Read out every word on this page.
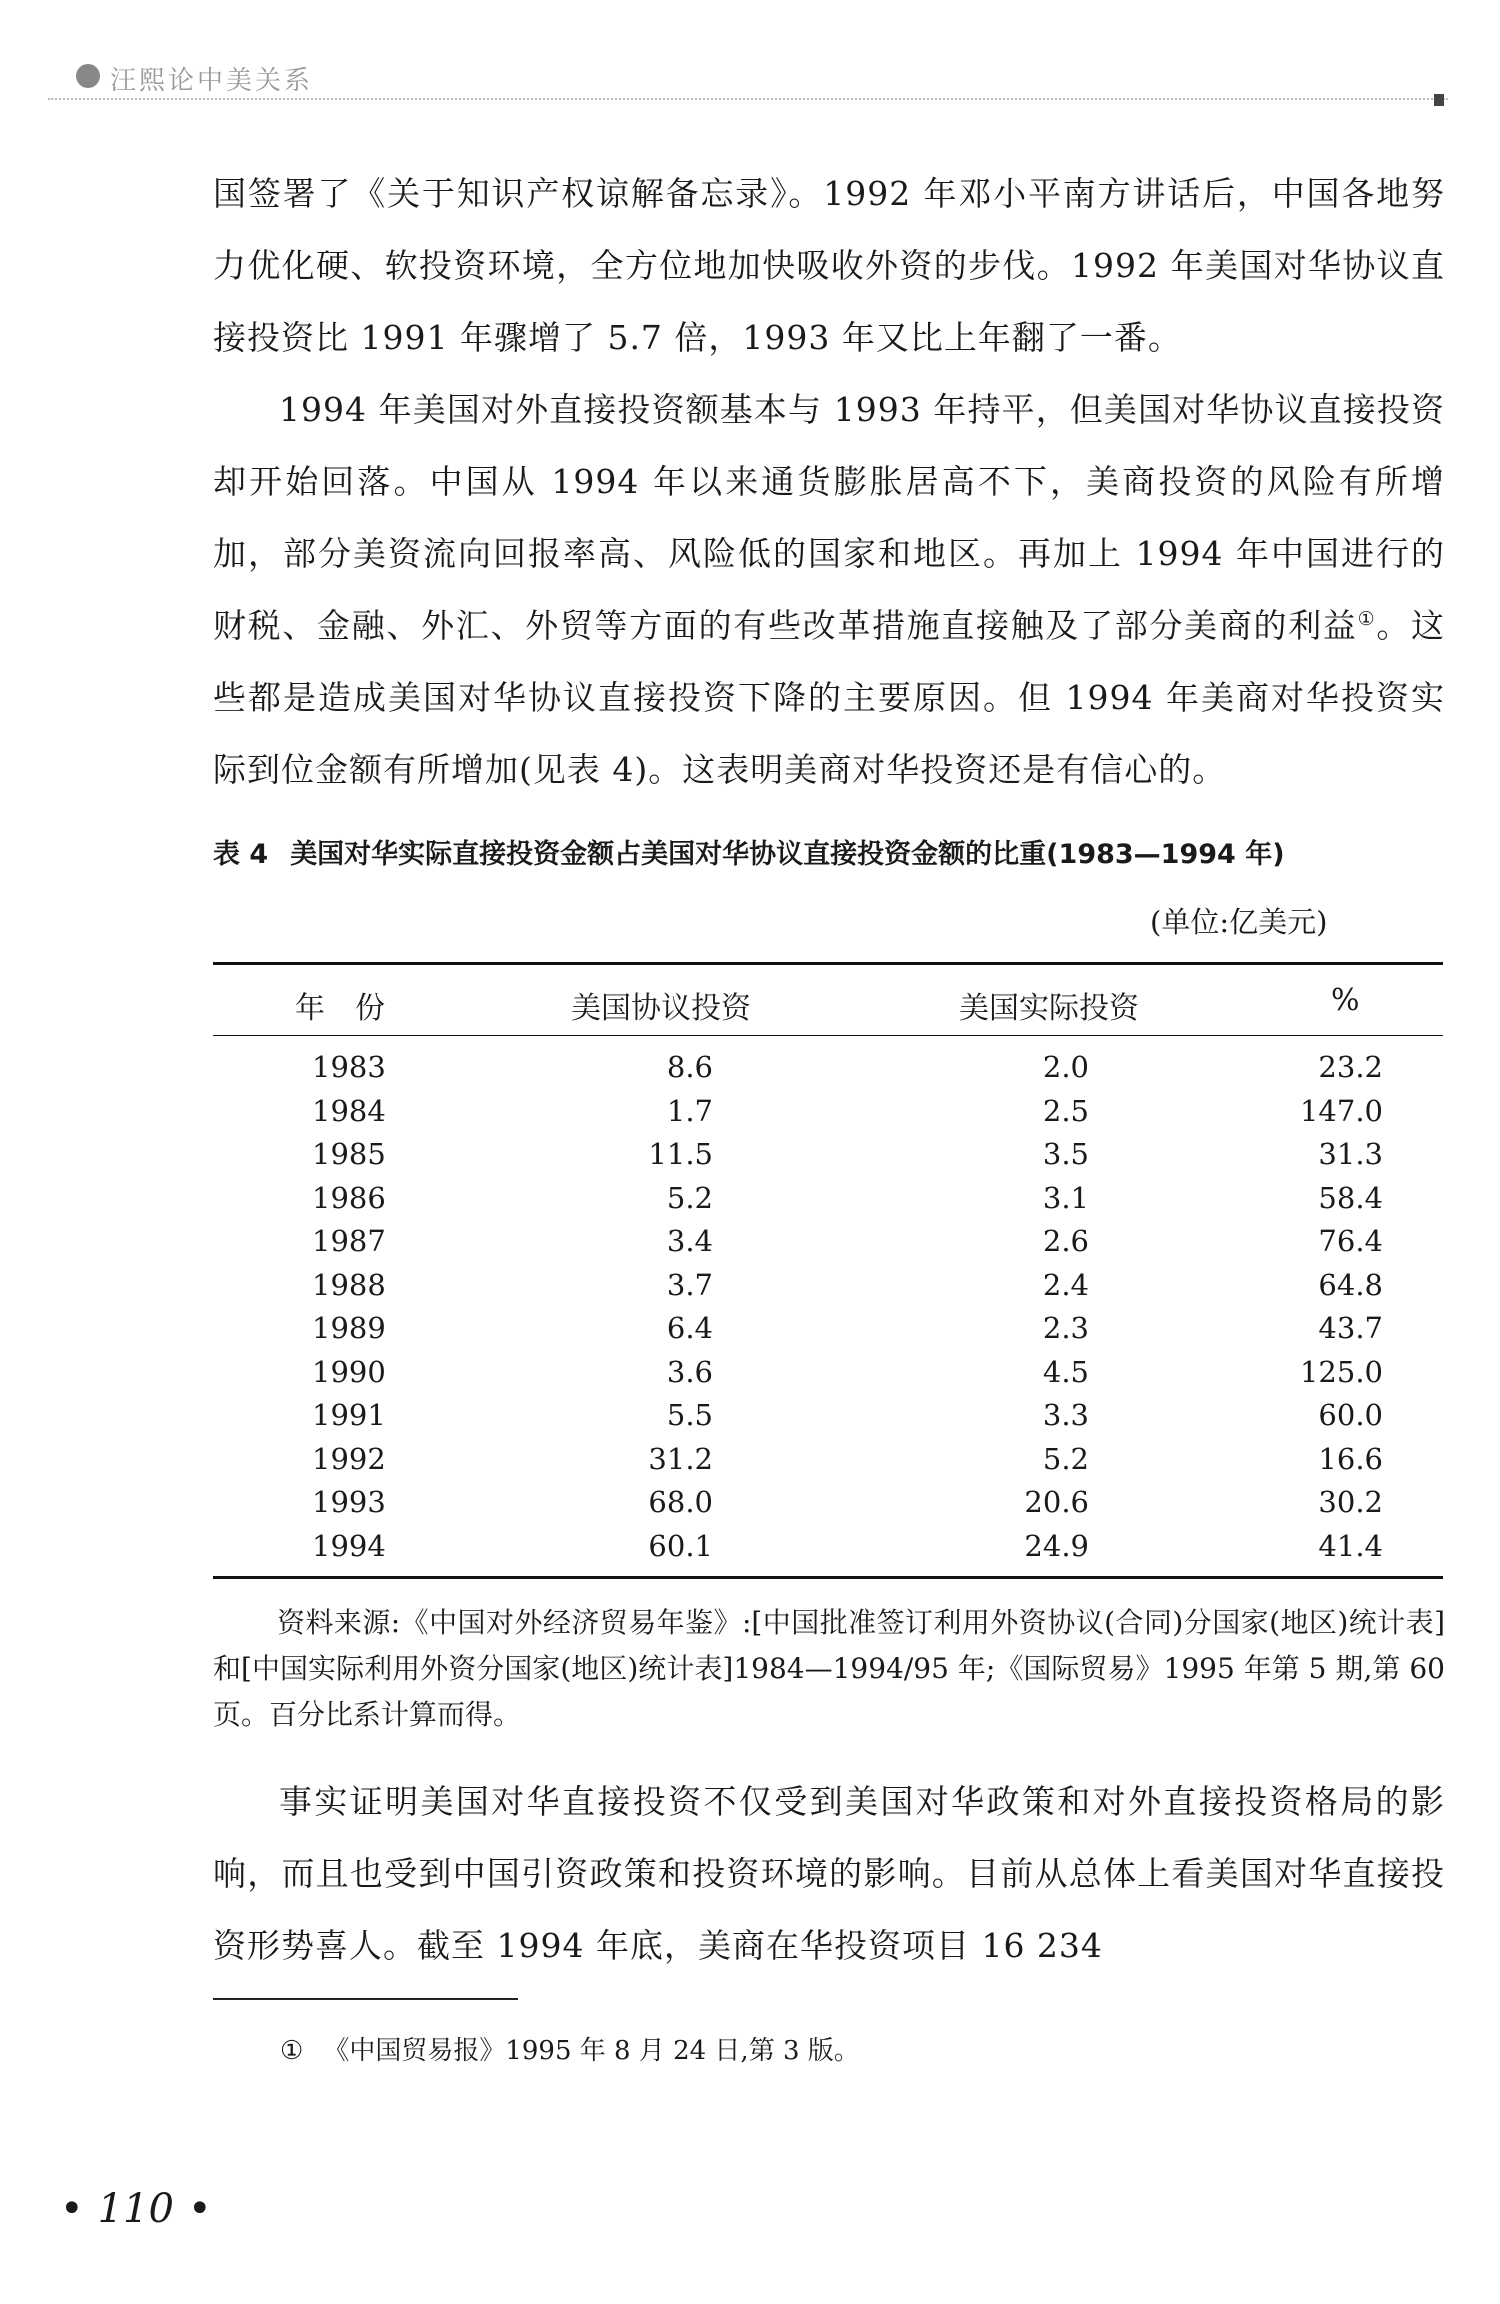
汪熙论中美关系

国签署了《关于知识产权谅解备忘录》。1992 年邓小平南方讲话后，中国各地努力优化硬、软投资环境，全方位地加快吸收外资的步伐。1992 年美国对华协议直接投资比 1991 年骤增了 5.7 倍，1993 年又比上年翻了一番。

1994 年美国对外直接投资额基本与 1993 年持平，但美国对华协议直接投资却开始回落。中国从 1994 年以来通货膨胀居高不下，美商投资的风险有所增加，部分美资流向回报率高、风险低的国家和地区。再加上 1994 年中国进行的财税、金融、外汇、外贸等方面的有些改革措施直接触及了部分美商的利益①。这些都是造成美国对华协议直接投资下降的主要原因。但 1994 年美商对华投资实际到位金额有所增加(见表 4)。这表明美商对华投资还是有信心的。

表 4 美国对华实际直接投资金额占美国对华协议直接投资金额的比重(1983—1994 年)
(单位:亿美元)
年　份	美国协议投资	美国实际投资	%
1983	8.6	2.0	23.2
1984	1.7	2.5	147.0
1985	11.5	3.5	31.3
1986	5.2	3.1	58.4
1987	3.4	2.6	76.4
1988	3.7	2.4	64.8
1989	6.4	2.3	43.7
1990	3.6	4.5	125.0
1991	5.5	3.3	60.0
1992	31.2	5.2	16.6
1993	68.0	20.6	30.2
1994	60.1	24.9	41.4

资料来源:《中国对外经济贸易年鉴》:[中国批准签订利用外资协议(合同)分国家(地区)统计表]和[中国实际利用外资分国家(地区)统计表]1984—1994/95 年;《国际贸易》1995 年第 5 期,第 60 页。百分比系计算而得。

事实证明美国对华直接投资不仅受到美国对华政策和对外直接投资格局的影响，而且也受到中国引资政策和投资环境的影响。目前从总体上看美国对华直接投资形势喜人。截至 1994 年底，美商在华投资项目 16 234

① 《中国贸易报》1995 年 8 月 24 日,第 3 版。
• 110 •
